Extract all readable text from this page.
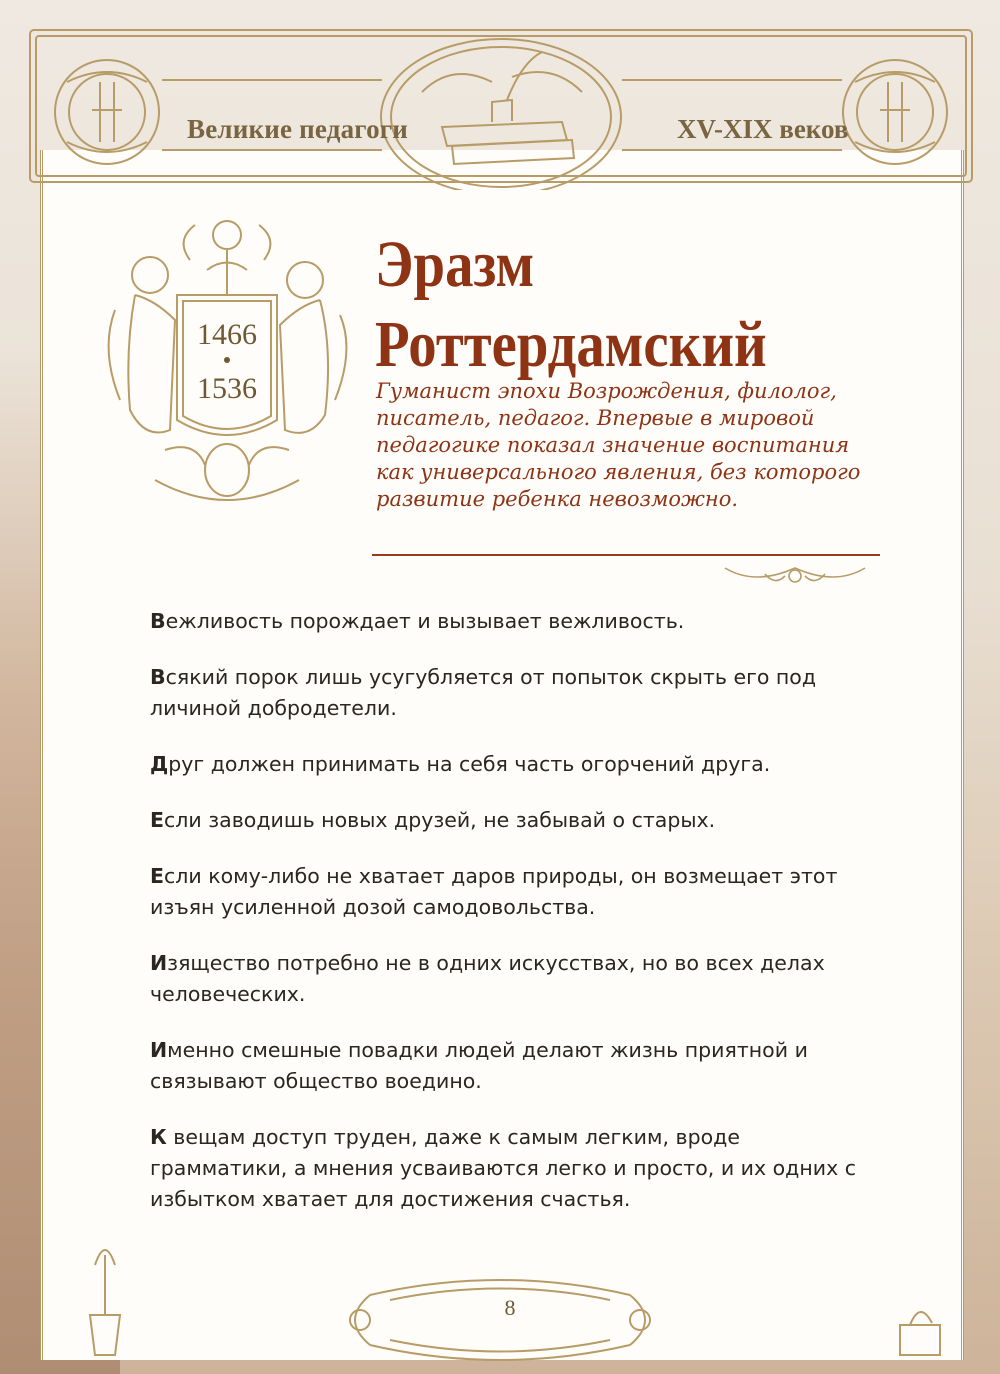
Великие педагоги	XV-XIX веков
1466
1536
Эразм
Роттердамский
Гуманист эпохи Возрождения, филолог, писатель, педагог. Впервые в мировой педагогике показал значение воспитания как универсального явления, без которого развитие ребенка невозможно.

Вежливость порождает и вызывает вежливость.

Всякий порок лишь усугубляется от попыток скрыть его под личиной добродетели.

Друг должен принимать на себя часть огорчений друга.

Если заводишь новых друзей, не забывай о старых.

Если кому-либо не хватает даров природы, он возмещает этот изъян усиленной дозой самодовольства.

Изящество потребно не в одних искусствах, но во всех делах человеческих.

Именно смешные повадки людей делают жизнь приятной и связывают общество воедино.

К вещам доступ труден, даже к самым легким, вроде грамматики, а мнения усваиваются легко и просто, и их одних с избытком хватает для достижения счастья.

8
